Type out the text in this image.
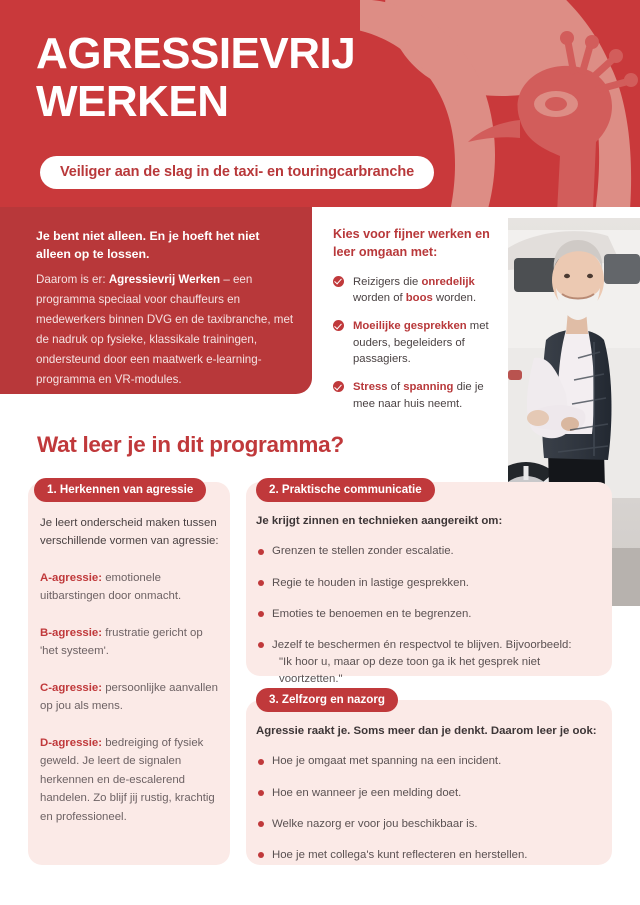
AGRESSIEVRIJ
WERKEN
Veiliger aan de slag in de taxi- en touringcarbranche
Je bent niet alleen. En je hoeft het niet alleen op te lossen.
Daarom is er: Agressievrij Werken – een programma speciaal voor chauffeurs en medewerkers binnen DVG en de taxibranche, met de nadruk op fysieke, klassikale trainingen, ondersteund door een maatwerk e-learning-programma en VR-modules.
Kies voor fijner werken en leer omgaan met:
Reizigers die onredelijk worden of boos worden.
Moeilijke gesprekken met ouders, begeleiders of passagiers.
Stress of spanning die je mee naar huis neemt.
Wat leer je in dit programma?
1. Herkennen van agressie
Je leert onderscheid maken tussen verschillende vormen van agressie:
A-agressie: emotionele uitbarstingen door onmacht.
B-agressie: frustratie gericht op 'het systeem'.
C-agressie: persoonlijke aanvallen op jou als mens.
D-agressie: bedreiging of fysiek geweld. Je leert de signalen herkennen en de-escalerend handelen. Zo blijf jij rustig, krachtig en professioneel.
2. Praktische communicatie
Je krijgt zinnen en technieken aangereikt om:
Grenzen te stellen zonder escalatie.
Regie te houden in lastige gesprekken.
Emoties te benoemen en te begrenzen.
Jezelf te beschermen én respectvol te blijven. Bijvoorbeeld:
"Ik hoor u, maar op deze toon ga ik het gesprek niet voortzetten."
3. Zelfzorg en nazorg
Agressie raakt je. Soms meer dan je denkt. Daarom leer je ook:
Hoe je omgaat met spanning na een incident.
Hoe en wanneer je een melding doet.
Welke nazorg er voor jou beschikbaar is.
Hoe je met collega's kunt reflecteren en herstellen.
